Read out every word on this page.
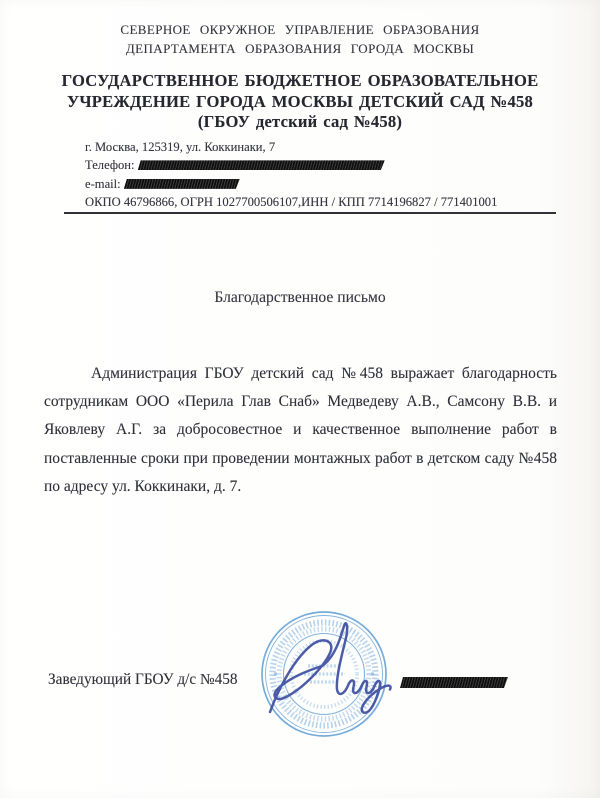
СЕВЕРНОЕ ОКРУЖНОЕ УПРАВЛЕНИЕ ОБРАЗОВАНИЯ
ДЕПАРТАМЕНТА ОБРАЗОВАНИЯ ГОРОДА МОСКВЫ
ГОСУДАРСТВЕННОЕ БЮДЖЕТНОЕ ОБРАЗОВАТЕЛЬНОЕ
УЧРЕЖДЕНИЕ ГОРОДА МОСКВЫ ДЕТСКИЙ САД №458
(ГБОУ детский сад №458)
г. Москва, 125319, ул. Коккинаки, 7
Телефон:
e-mail:
ОКПО 46796866, ОГРН 1027700506107,ИНН / КПП 7714196827 / 771401001
Благодарственное письмо
Администрация ГБОУ детский сад №458 выражает благодарность
сотрудникам ООО «Перила Глав Снаб» Медведеву А.В., Самсону В.В. и
Яковлеву А.Г. за добросовестное и качественное выполнение работ в
поставленные сроки при проведении монтажных работ в детском саду №458
по адресу ул. Коккинаки, д. 7.
Заведующий ГБОУ д/с №458
